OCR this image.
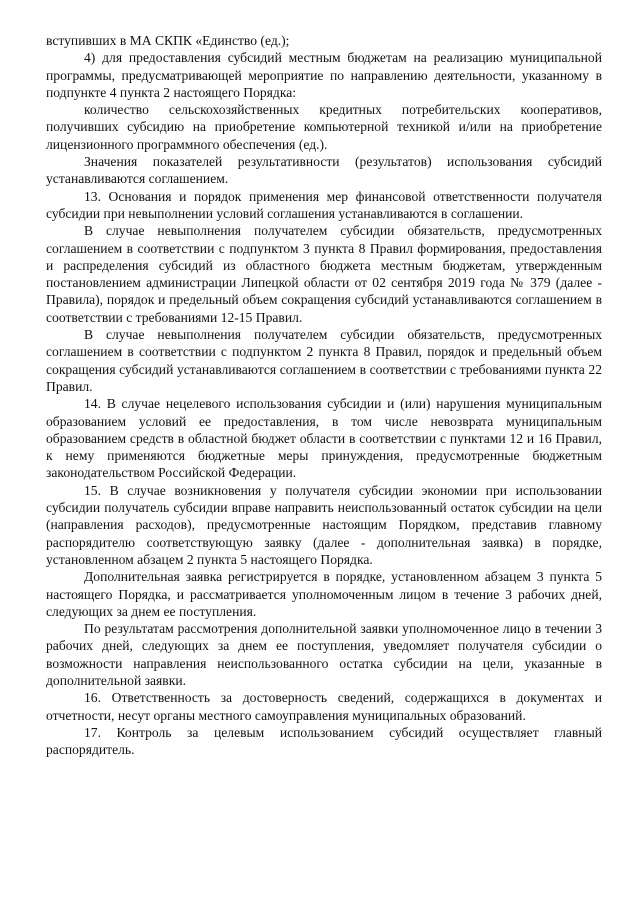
вступивших в МА СКПК «Единство (ед.);

4) для предоставления субсидий местным бюджетам на реализацию муниципальной программы, предусматривающей мероприятие по направлению деятельности, указанному в подпункте 4 пункта 2 настоящего Порядка:

количество сельскохозяйственных кредитных потребительских кооперативов, получивших субсидию на приобретение компьютерной техникой и/или на приобретение лицензионного программного обеспечения (ед.).

Значения показателей результативности (результатов) использования субсидий устанавливаются соглашением.

13. Основания и порядок применения мер финансовой ответственности получателя субсидии при невыполнении условий соглашения устанавливаются в соглашении.

В случае невыполнения получателем субсидии обязательств, предусмотренных соглашением в соответствии с подпунктом 3 пункта 8 Правил формирования, предоставления и распределения субсидий из областного бюджета местным бюджетам, утвержденным постановлением администрации Липецкой области от 02 сентября 2019 года № 379 (далее - Правила), порядок и предельный объем сокращения субсидий устанавливаются соглашением в соответствии с требованиями 12-15 Правил.

В случае невыполнения получателем субсидии обязательств, предусмотренных соглашением в соответствии с подпунктом 2 пункта 8 Правил, порядок и предельный объем сокращения субсидий устанавливаются соглашением в соответствии с требованиями пункта 22 Правил.

14. В случае нецелевого использования субсидии и (или) нарушения муниципальным образованием условий ее предоставления, в том числе невозврата муниципальным образованием средств в областной бюджет области в соответствии с пунктами 12 и 16 Правил, к нему применяются бюджетные меры принуждения, предусмотренные бюджетным законодательством Российской Федерации.

15. В случае возникновения у получателя субсидии экономии при использовании субсидии получатель субсидии вправе направить неиспользованный остаток субсидии на цели (направления расходов), предусмотренные настоящим Порядком, представив главному распорядителю соответствующую заявку (далее - дополнительная заявка) в порядке, установленном абзацем 2 пункта 5 настоящего Порядка.

Дополнительная заявка регистрируется в порядке, установленном абзацем 3 пункта 5 настоящего Порядка, и рассматривается уполномоченным лицом в течение 3 рабочих дней, следующих за днем ее поступления.

По результатам рассмотрения дополнительной заявки уполномоченное лицо в течении 3 рабочих дней, следующих за днем ее поступления, уведомляет получателя субсидии о возможности направления неиспользованного остатка субсидии на цели, указанные в дополнительной заявки.

16. Ответственность за достоверность сведений, содержащихся в документах и отчетности, несут органы местного самоуправления муниципальных образований.

17. Контроль за целевым использованием субсидий осуществляет главный распорядитель.
